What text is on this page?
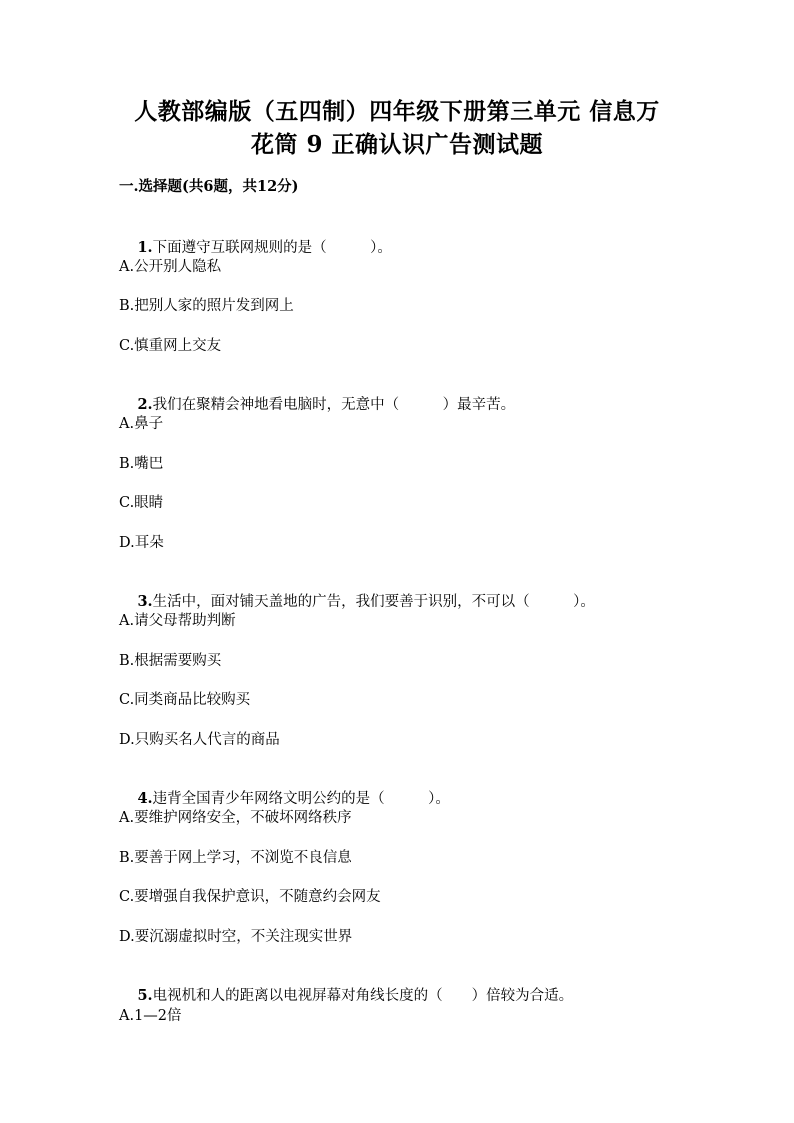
人教部编版（五四制）四年级下册第三单元 信息万
花筒 9 正确认识广告测试题
一.选择题(共6题，共12分)

1.下面遵守互联网规则的是（　　　）。

A.公开别人隐私
B.把别人家的照片发到网上
C.慎重网上交友

2.我们在聚精会神地看电脑时，无意中（　　　）最辛苦。

A.鼻子
B.嘴巴
C.眼睛
D.耳朵

3.生活中，面对铺天盖地的广告，我们要善于识别，不可以（　　　）。

A.请父母帮助判断
B.根据需要购买
C.同类商品比较购买
D.只购买名人代言的商品

4.违背全国青少年网络文明公约的是（　　　）。

A.要维护网络安全，不破坏网络秩序
B.要善于网上学习，不浏览不良信息
C.要增强自我保护意识，不随意约会网友
D.要沉溺虚拟时空，不关注现实世界

5.电视机和人的距离以电视屏幕对角线长度的（　　）倍较为合适。

A.1—2倍
